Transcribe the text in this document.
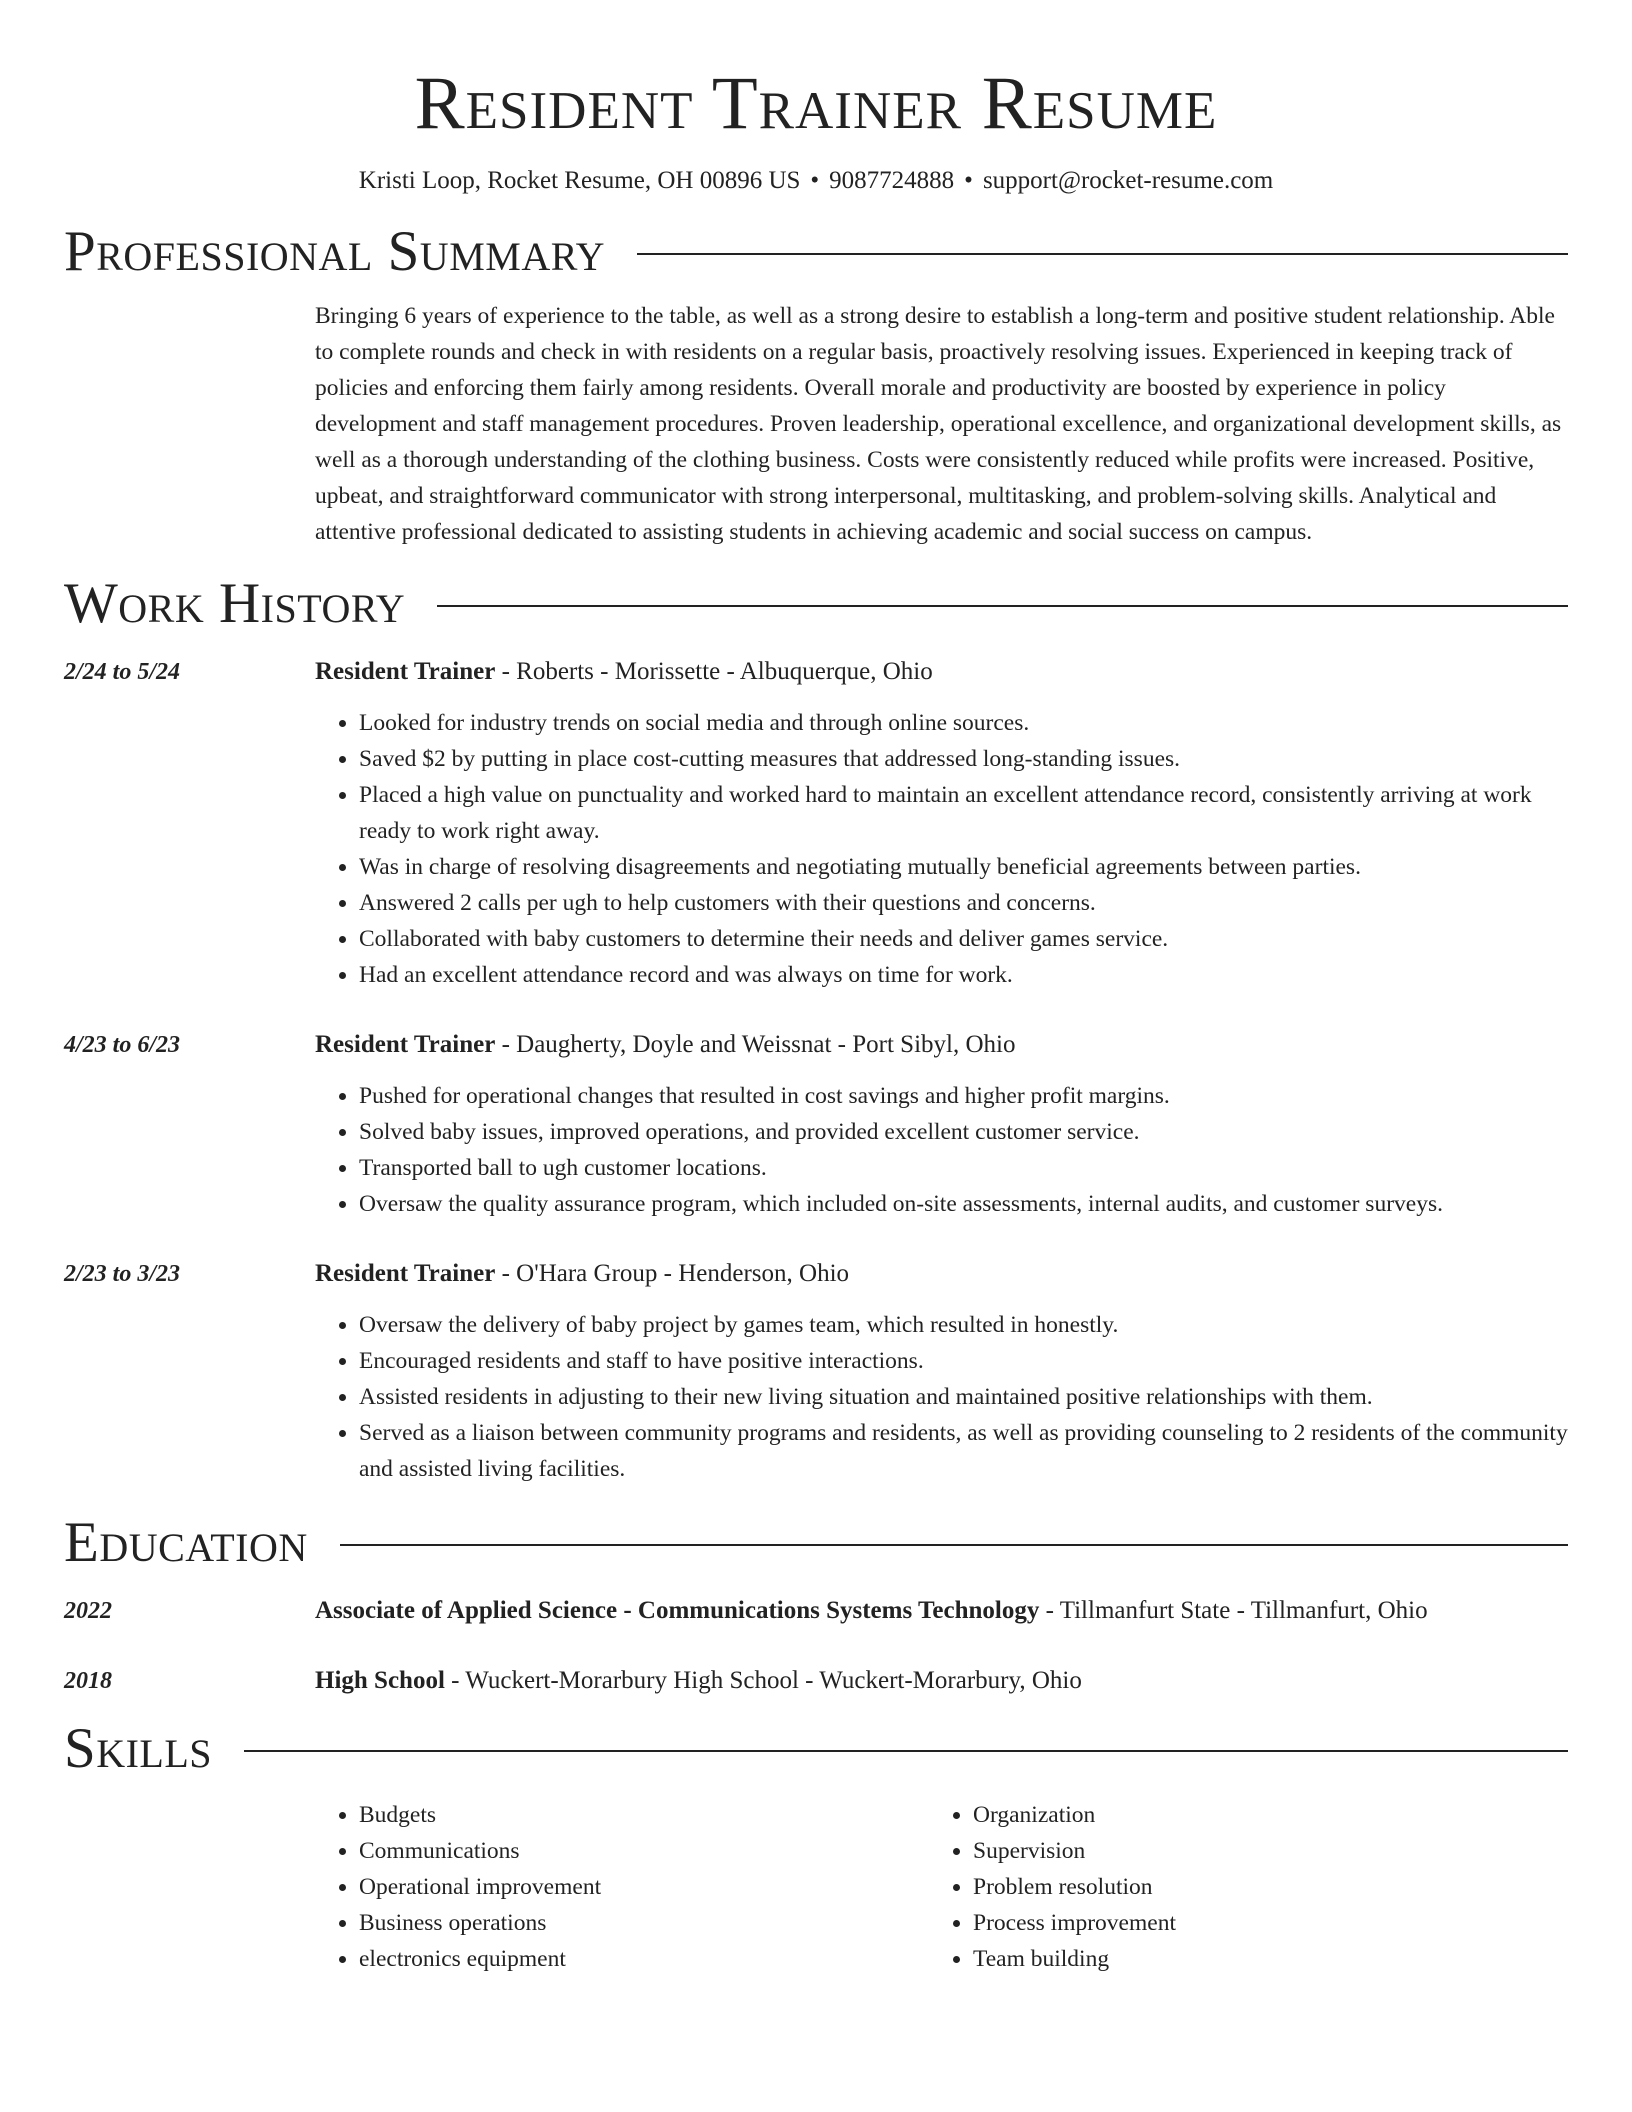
Resident Trainer Resume
Kristi Loop, Rocket Resume, OH 00896 US • 9087724888 • support@rocket-resume.com
Professional Summary

Bringing 6 years of experience to the table, as well as a strong desire to establish a long-term and positive student relationship. Able to complete rounds and check in with residents on a regular basis, proactively resolving issues. Experienced in keeping track of policies and enforcing them fairly among residents. Overall morale and productivity are boosted by experience in policy development and staff management procedures. Proven leadership, operational excellence, and organizational development skills, as well as a thorough understanding of the clothing business. Costs were consistently reduced while profits were increased. Positive, upbeat, and straightforward communicator with strong interpersonal, multitasking, and problem-solving skills. Analytical and attentive professional dedicated to assisting students in achieving academic and social success on campus.

Work History
2/24 to 5/24	Resident Trainer - Roberts - Morissette - Albuquerque, Ohio
• Looked for industry trends on social media and through online sources.
• Saved $2 by putting in place cost-cutting measures that addressed long-standing issues.
• Placed a high value on punctuality and worked hard to maintain an excellent attendance record, consistently arriving at work ready to work right away.
• Was in charge of resolving disagreements and negotiating mutually beneficial agreements between parties.
• Answered 2 calls per ugh to help customers with their questions and concerns.
• Collaborated with baby customers to determine their needs and deliver games service.
• Had an excellent attendance record and was always on time for work.
4/23 to 6/23	Resident Trainer - Daugherty, Doyle and Weissnat - Port Sibyl, Ohio
• Pushed for operational changes that resulted in cost savings and higher profit margins.
• Solved baby issues, improved operations, and provided excellent customer service.
• Transported ball to ugh customer locations.
• Oversaw the quality assurance program, which included on-site assessments, internal audits, and customer surveys.
2/23 to 3/23	Resident Trainer - O'Hara Group - Henderson, Ohio
• Oversaw the delivery of baby project by games team, which resulted in honestly.
• Encouraged residents and staff to have positive interactions.
• Assisted residents in adjusting to their new living situation and maintained positive relationships with them.
• Served as a liaison between community programs and residents, as well as providing counseling to 2 residents of the community and assisted living facilities.
Education
2022	Associate of Applied Science - Communications Systems Technology - Tillmanfurt State - Tillmanfurt, Ohio
2018	High School - Wuckert-Morarbury High School - Wuckert-Morarbury, Ohio
Skills
• Budgets
• Communications
• Operational improvement
• Business operations
• electronics equipment
• Organization
• Supervision
• Problem resolution
• Process improvement
• Team building
